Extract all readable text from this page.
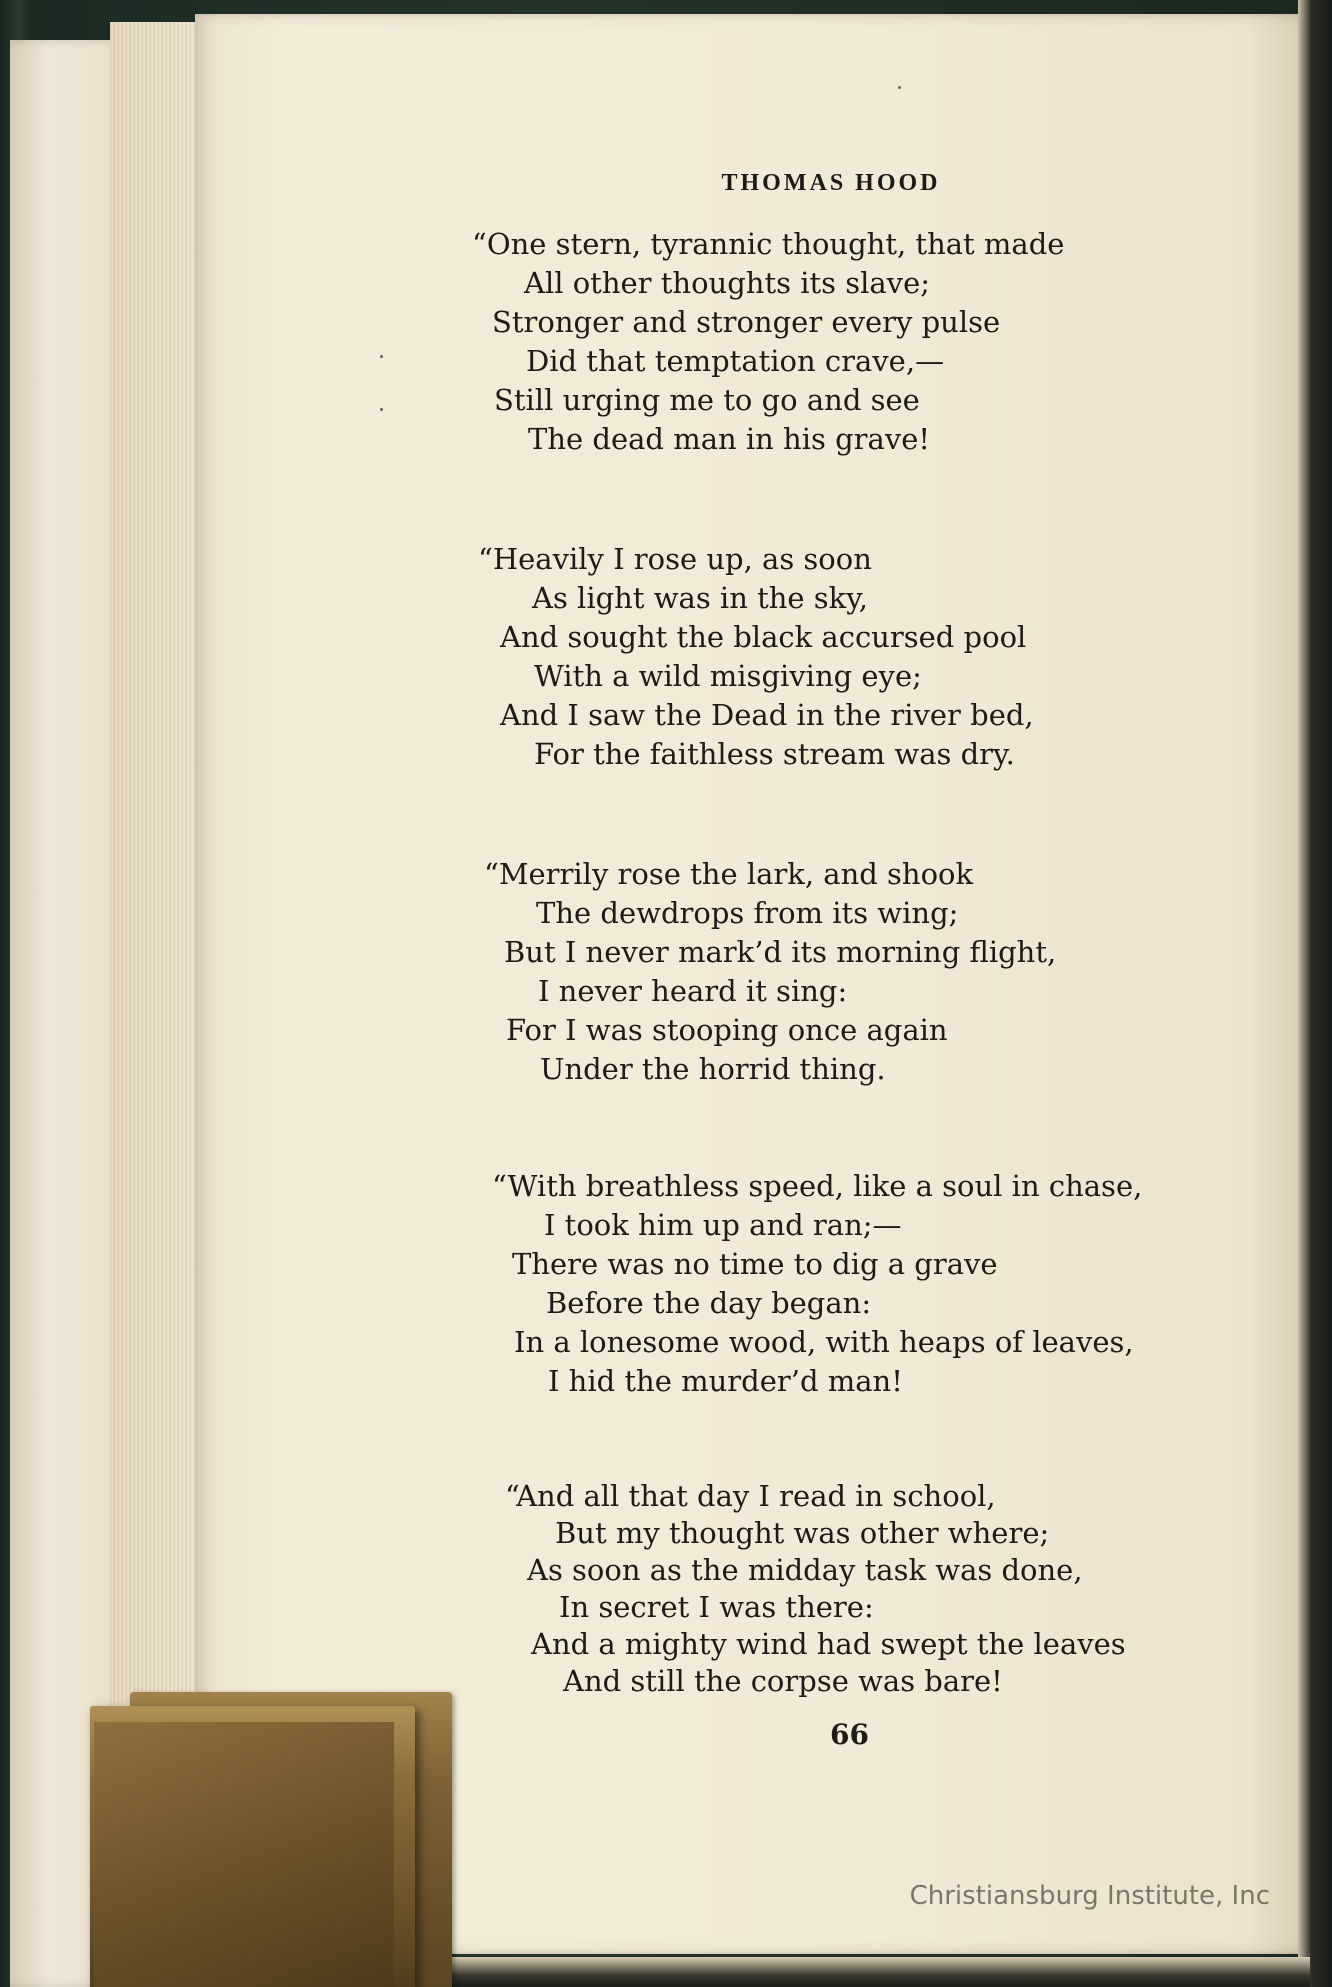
THOMAS HOOD
“One stern, tyrannic thought, that made
All other thoughts its slave;
Stronger and stronger every pulse
Did that temptation crave,—
Still urging me to go and see
The dead man in his grave!
“Heavily I rose up, as soon
As light was in the sky,
And sought the black accursed pool
With a wild misgiving eye;
And I saw the Dead in the river bed,
For the faithless stream was dry.
“Merrily rose the lark, and shook
The dewdrops from its wing;
But I never mark’d its morning flight,
I never heard it sing:
For I was stooping once again
Under the horrid thing.
“With breathless speed, like a soul in chase,
I took him up and ran;—
There was no time to dig a grave
Before the day began:
In a lonesome wood, with heaps of leaves,
I hid the murder’d man!
“And all that day I read in school,
But my thought was other where;
As soon as the midday task was done,
In secret I was there:
And a mighty wind had swept the leaves
And still the corpse was bare!
66
Christiansburg Institute, Inc
